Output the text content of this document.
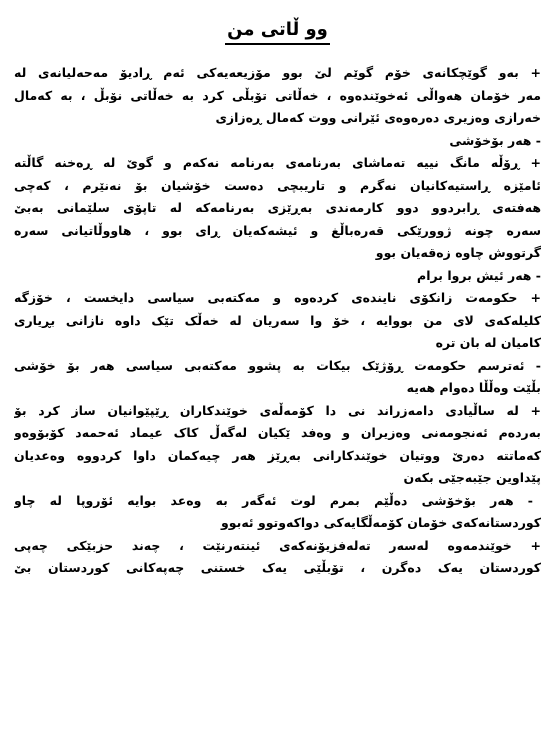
وو ڵاتی من
+ بەو گوێچکانەی خۆم گوێم لێ بوو مۆزیعەیەکی ئەم ڕادیۆ مەحەلیانەی لە
مەر خۆمان هەواڵی ئەخوێندەوە ، خەڵاتی تۆبڵی کرد بە خەڵاتی نۆبڵ ، بە کەمال
خەرازی وەزیری دەرەوەی ئێرانی ووت کەمال ڕەزازی
- هەر بۆخۆشی
+ ڕۆڵە مانگ نییە تەماشای بەرنامەی بەرنامە نەکەم و گوێ لە ڕەخنە گاڵتە
ئامێزە ڕاستیەکانیان نەگرم و تاریبچی دەست خۆشیان بۆ نەنێرم ، کەچی
هەفتەی ڕابردوو دوو کارمەندی بەڕێزی بەرنامەکە لە تاپۆی سلێمانی بەبێ
سەرە چونە ژوورێکی قەرەباڵغ و ئیشەکەیان ڕای بوو ، هاووڵاتیانی سەرە
گرتووش چاوە زەقەیان بوو
- هەر ئیش بروا برام
+ حکومەت زانکۆی نایندەی کردەوە و مەکتەبی سیاسی دایخست ، خۆزگە
کلیلەکەی لای من بووایە ، خۆ وا سەریان لە خەڵک تێک داوە نازانی بڕیاری
کامیان لە بان ترە
- ئەترسم حکومەت ڕۆژێک بیکات بە پشوو مەکتەبی سیاسی هەر بۆ خۆشی
بڵێت وەڵڵا دەوام هەیە
+ لە ساڵیادی دامەزراند نی دا کۆمەڵەی خوێندکاران ڕێپێوانیان ساز کرد بۆ
بەردەم ئەنجومەنی وەزیران و وەفد ێکیان لەگەڵ کاک عیماد ئەحمەد کۆبۆوەو
کەماتتە دەرێ ووتیان خوێندکارانی بەڕێز هەر چیەکمان داوا کردووە وەعدیان
پێداوین جێبەجێی بکەن
- هەر بۆخۆشی دەڵێم بمرم لوت ئەگەر بە وەعد بوایە ئۆروپا لە چاو
کوردستانەکەی خۆمان کۆمەڵگایەکی دواکەوتوو ئەبوو
+ خوێندمەوە لەسەر تەلەفزیۆنەکەی ئینتەرنێت ، چەند حزبێکی چەپی
کوردستان یەک دەگرن ، تۆبڵێی یەک خستنی چەپەکانی کوردستان بێ
